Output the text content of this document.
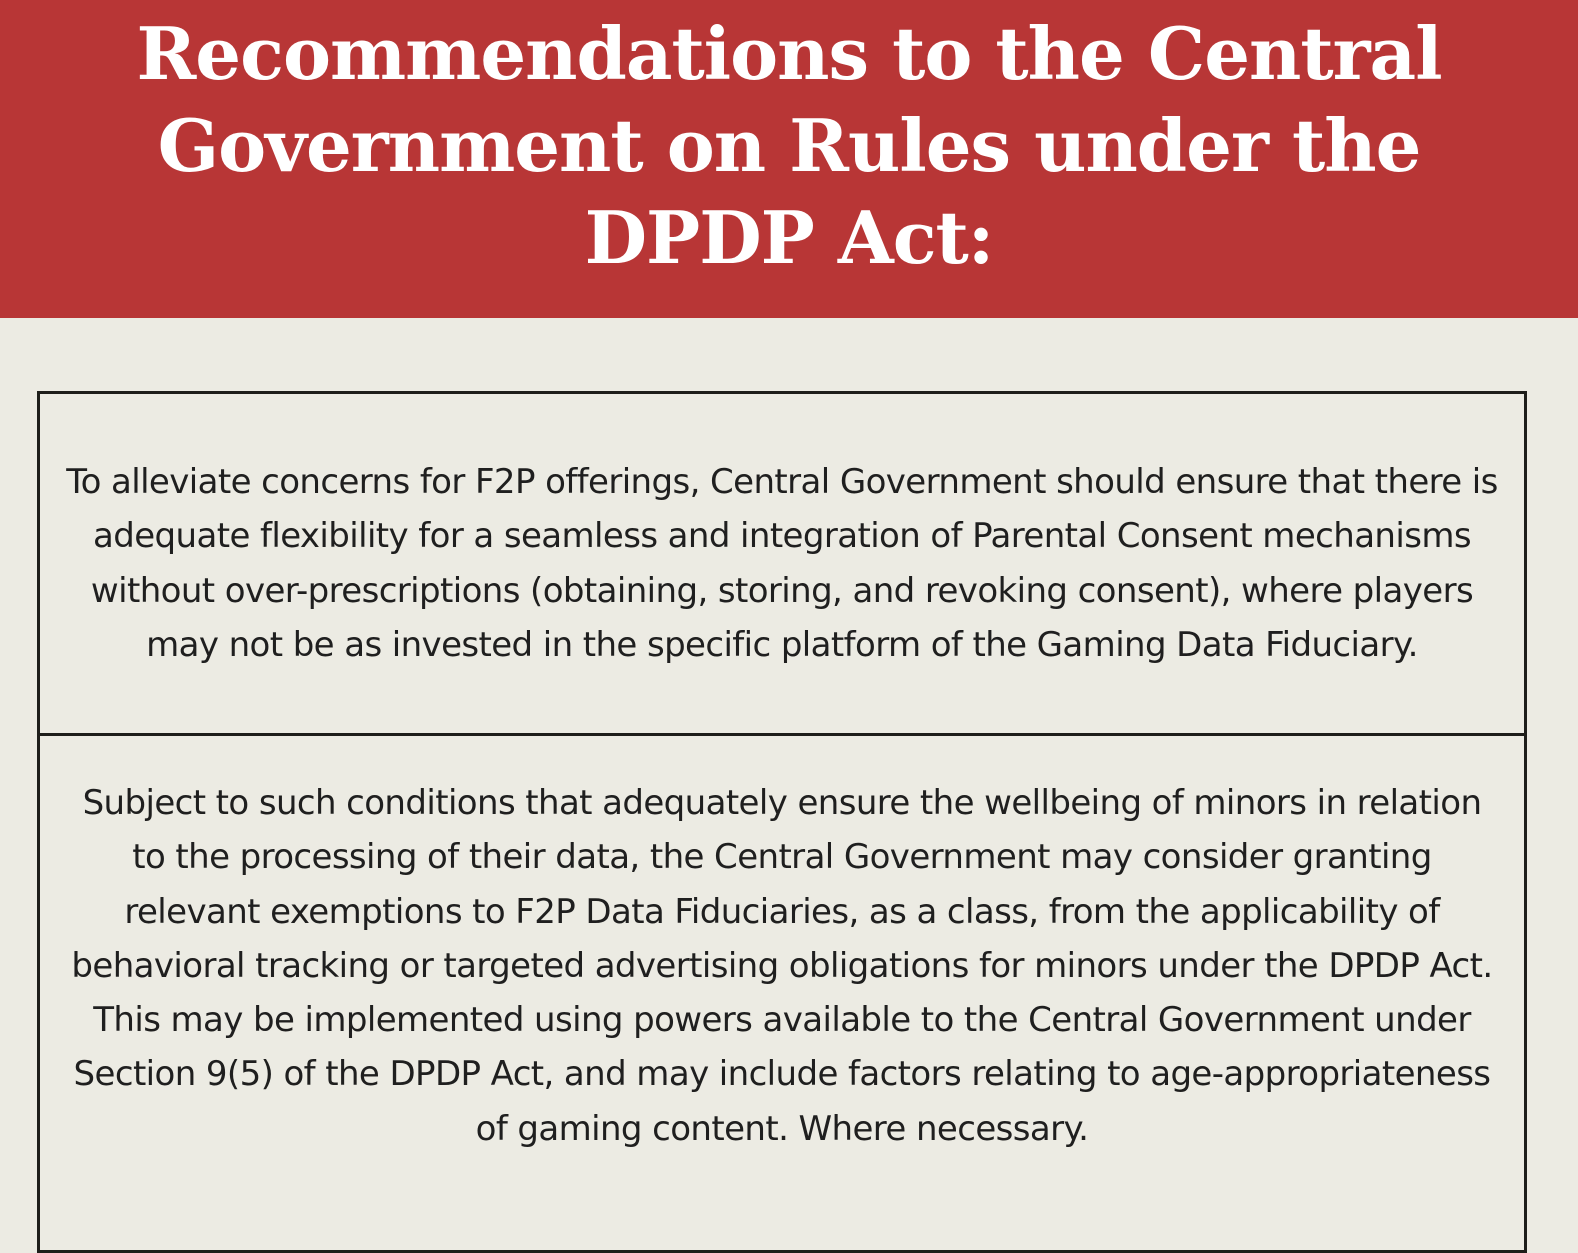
Recommendations to the Central Government on Rules under the DPDP Act:

To alleviate concerns for F2P offerings, Central Government should ensure that there is adequate flexibility for a seamless and integration of Parental Consent mechanisms without over-prescriptions (obtaining, storing, and revoking consent), where players may not be as invested in the specific platform of the Gaming Data Fiduciary.

Subject to such conditions that adequately ensure the wellbeing of minors in relation to the processing of their data, the Central Government may consider granting relevant exemptions to F2P Data Fiduciaries, as a class, from the applicability of behavioral tracking or targeted advertising obligations for minors under the DPDP Act. This may be implemented using powers available to the Central Government under Section 9(5) of the DPDP Act, and may include factors relating to age-appropriateness of gaming content. Where necessary.
